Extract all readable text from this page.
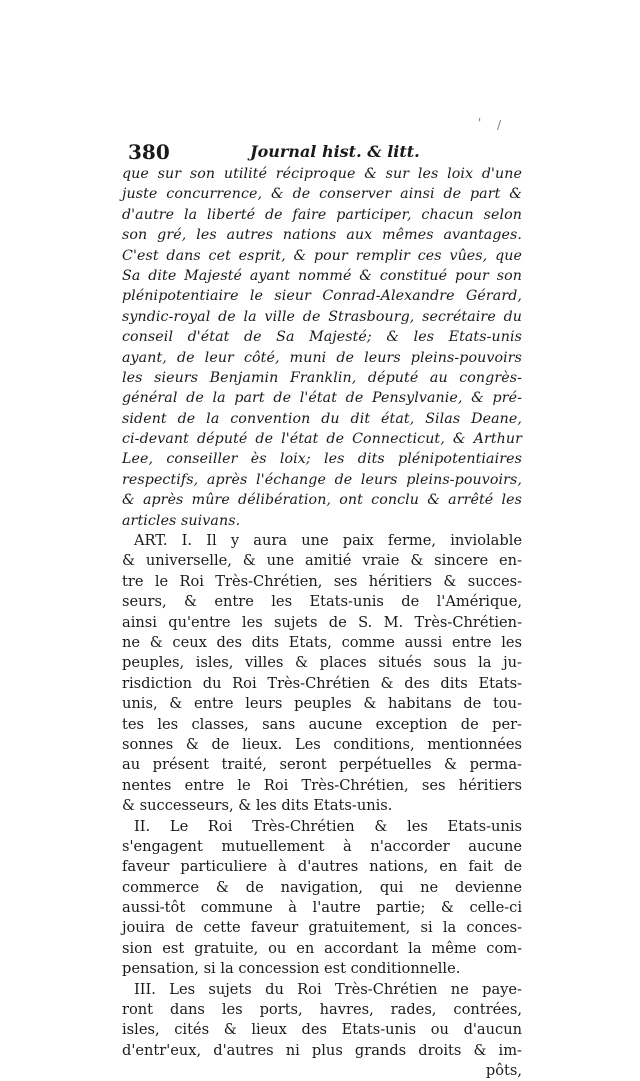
380	Journal hist. & litt.
que sur son utilité réciproque & sur les loix d'une
juste concurrence, & de conserver ainsi de part &
d'autre la liberté de faire participer, chacun selon
son gré, les autres nations aux mêmes avantages.
C'est dans cet esprit, & pour remplir ces vûes, que
Sa dite Majesté ayant nommé & constitué pour son
plénipotentiaire le sieur Conrad-Alexandre Gérard,
syndic-royal de la ville de Strasbourg, secrétaire du
conseil d'état de Sa Majesté; & les Etats-unis
ayant, de leur côté, muni de leurs pleins-pouvoirs
les sieurs Benjamin Franklin, député au congrès-
général de la part de l'état de Pensylvanie, & pré-
sident de la convention du dit état, Silas Deane,
ci-devant député de l'état de Connecticut, & Arthur
Lee, conseiller ès loix; les dits plénipotentiaires
respectifs, après l'échange de leurs pleins-pouvoirs,
& après mûre délibération, ont conclu & arrêté les
articles suivans.
ART. I. Il y aura une paix ferme, inviolable
& universelle, & une amitié vraie & sincere en-
tre le Roi Très-Chrétien, ses héritiers & succes-
seurs, & entre les Etats-unis de l'Amérique,
ainsi qu'entre les sujets de S. M. Très-Chrétien-
ne & ceux des dits Etats, comme aussi entre les
peuples, isles, villes & places situés sous la ju-
risdiction du Roi Très-Chrétien & des dits Etats-
unis, & entre leurs peuples & habitans de tou-
tes les classes, sans aucune exception de per-
sonnes & de lieux. Les conditions, mentionnées
au présent traité, seront perpétuelles & perma-
nentes entre le Roi Très-Chrétien, ses héritiers
& successeurs, & les dits Etats-unis.
II. Le Roi Très-Chrétien & les Etats-unis
s'engagent mutuellement à n'accorder aucune
faveur particuliere à d'autres nations, en fait de
commerce & de navigation, qui ne devienne
aussi-tôt commune à l'autre partie; & celle-ci
jouira de cette faveur gratuitement, si la conces-
sion est gratuite, ou en accordant la même com-
pensation, si la concession est conditionnelle.
III. Les sujets du Roi Très-Chrétien ne paye-
ront dans les ports, havres, rades, contrées,
isles, cités & lieux des Etats-unis ou d'aucun
d'entr'eux, d'autres ni plus grands droits & im-
pôts,
' /
